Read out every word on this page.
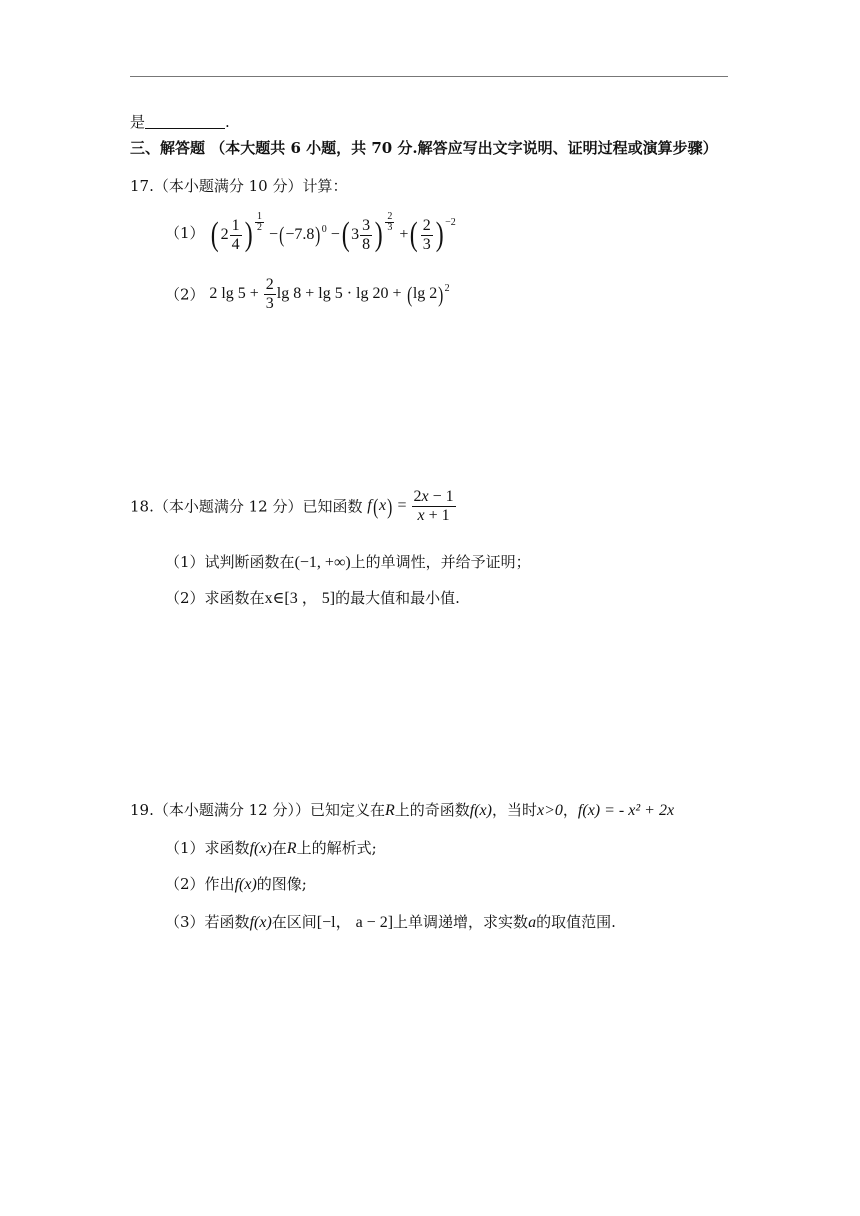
是	.
三、解答题 （本大题共 6 小题，共 70 分.解答应写出文字说明、证明过程或演算步骤）
17.（本小题满分 10 分）计算：
（1） ( $2 \frac{1}{4}$ ) $\frac{1}{2}$
$-(-7.8)^0$ −( $3 \frac{3}{8}$ ) $\frac{2}{3}$
+( $\frac{2}{3}$ ) $^{-2}$
（2） 2 $\lg 5 + \frac{2}{3}$ lg 8 + lg 5 · lg 20 + (lg 2)$^2$
18.（本小题满分 12 分）已知函数 $f(x) = \frac{2x - 1}{x + 1}$
（1）试判断函数在(−1, +∞)上的单调性，并给予证明；
（2）求函数在x∈[3 ， 5]的最大值和最小值.
19.（本小题满分 12 分））已知定义在R上的奇函数f(x)，当时x>0，f(x) = - x² + 2x
（1）求函数f(x)在R上的解析式;
（2）作出f(x)的图像;
（3）若函数f(x)在区间[−l， a − 2]上单调递增，求实数a的取值范围.
